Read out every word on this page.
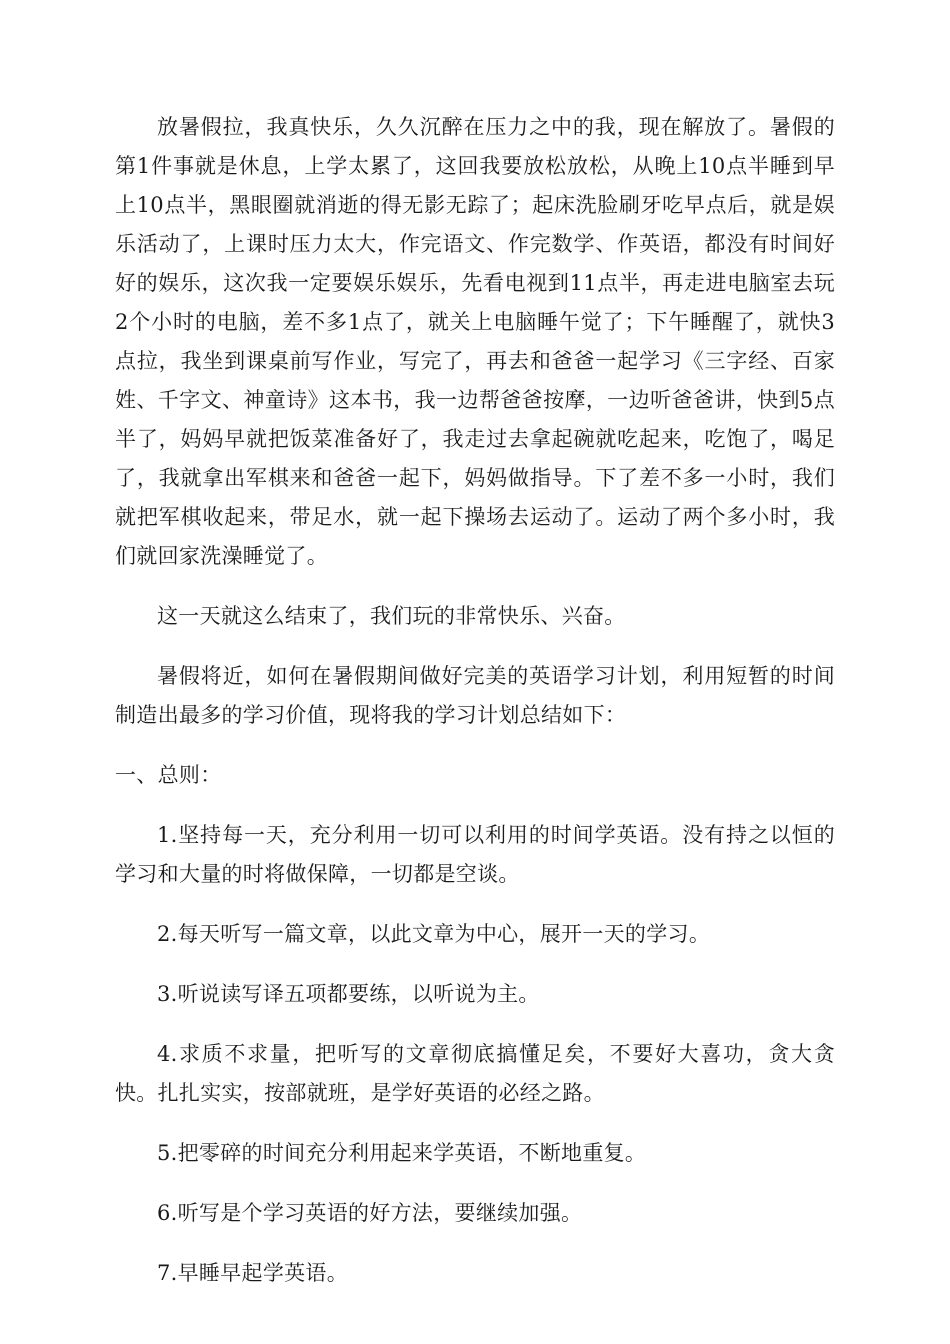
放暑假拉，我真快乐，久久沉醉在压力之中的我，现在解放了。暑假的第1件事就是休息，上学太累了，这回我要放松放松，从晚上10点半睡到早上10点半，黑眼圈就消逝的得无影无踪了；起床洗脸刷牙吃早点后，就是娱乐活动了，上课时压力太大，作完语文、作完数学、作英语，都没有时间好好的娱乐，这次我一定要娱乐娱乐，先看电视到11点半，再走进电脑室去玩2个小时的电脑，差不多1点了，就关上电脑睡午觉了；下午睡醒了，就快3点拉，我坐到课桌前写作业，写完了，再去和爸爸一起学习《三字经、百家姓、千字文、神童诗》这本书，我一边帮爸爸按摩，一边听爸爸讲，快到5点半了，妈妈早就把饭菜准备好了，我走过去拿起碗就吃起来，吃饱了，喝足了，我就拿出军棋来和爸爸一起下，妈妈做指导。下了差不多一小时，我们就把军棋收起来，带足水，就一起下操场去运动了。运动了两个多小时，我们就回家洗澡睡觉了。

这一天就这么结束了，我们玩的非常快乐、兴奋。

暑假将近，如何在暑假期间做好完美的英语学习计划，利用短暂的时间制造出最多的学习价值，现将我的学习计划总结如下：

一、总则：

1.坚持每一天，充分利用一切可以利用的时间学英语。没有持之以恒的学习和大量的时将做保障，一切都是空谈。

2.每天听写一篇文章，以此文章为中心，展开一天的学习。

3.听说读写译五项都要练，以听说为主。

4.求质不求量，把听写的文章彻底搞懂足矣，不要好大喜功，贪大贪快。扎扎实实，按部就班，是学好英语的必经之路。

5.把零碎的时间充分利用起来学英语，不断地重复。

6.听写是个学习英语的好方法，要继续加强。

7.早睡早起学英语。
